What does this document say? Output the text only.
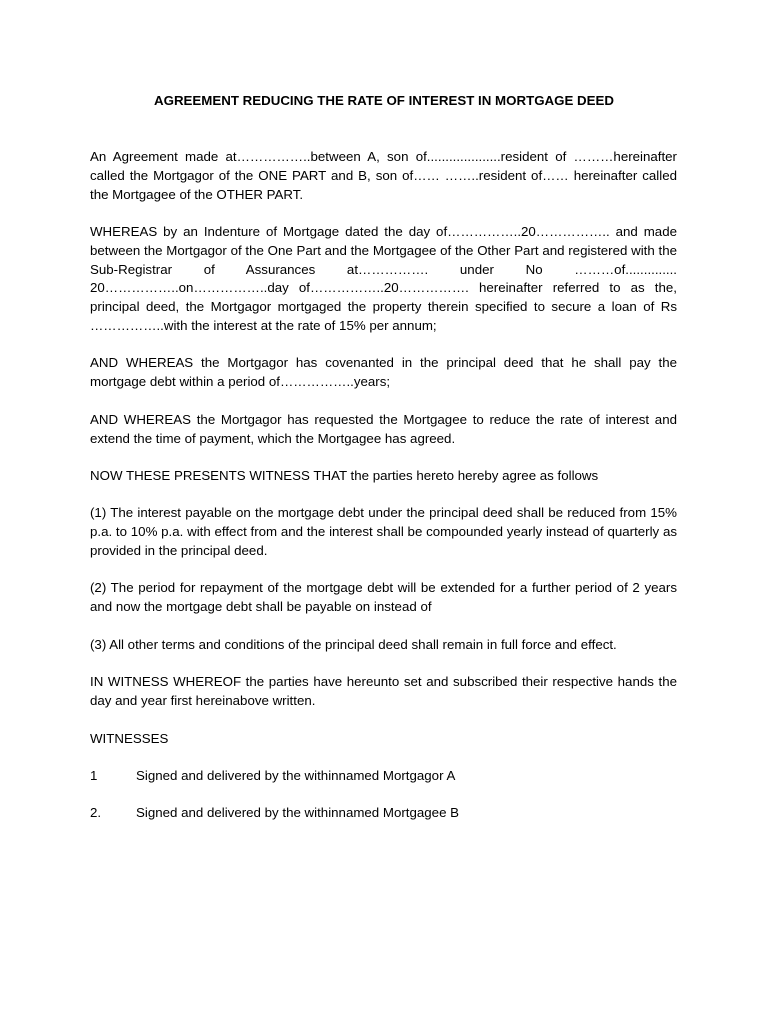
AGREEMENT REDUCING THE RATE OF INTEREST IN MORTGAGE DEED

An Agreement made at……………..between A, son of....................resident of ………hereinafter called the Mortgagor of the ONE PART and B, son of…… ……..resident of…… hereinafter called the Mortgagee of the OTHER PART.

WHEREAS by an Indenture of Mortgage dated the day of……………..20…………….. and made between the Mortgagor of the One Part and the Mortgagee of the Other Part and registered with the Sub-Registrar of Assurances at……………. under No ………of.............. 20……………..on……………..day of……………..20……………. hereinafter referred to as the, principal deed, the Mortgagor mortgaged the property therein specified to secure a loan of Rs ……………..with the interest at the rate of 15% per annum;

AND WHEREAS the Mortgagor has covenanted in the principal deed that he shall pay the mortgage debt within a period of……………..years;

AND WHEREAS the Mortgagor has requested the Mortgagee to reduce the rate of interest and extend the time of payment, which the Mortgagee has agreed.

NOW THESE PRESENTS WITNESS THAT the parties hereto hereby agree as follows

(1) The interest payable on the mortgage debt under the principal deed shall be reduced from 15% p.a. to 10% p.a. with effect from and the interest shall be compounded yearly instead of quarterly as provided in the principal deed.

(2) The period for repayment of the mortgage debt will be extended for a further period of 2 years and now the mortgage debt shall be payable on instead of

(3) All other terms and conditions of the principal deed shall remain in full force and effect.

IN WITNESS WHEREOF the parties have hereunto set and subscribed their respective hands the day and year first hereinabove written.

WITNESSES

1	Signed and delivered by the withinnamed Mortgagor A

2.	Signed and delivered by the withinnamed Mortgagee B
